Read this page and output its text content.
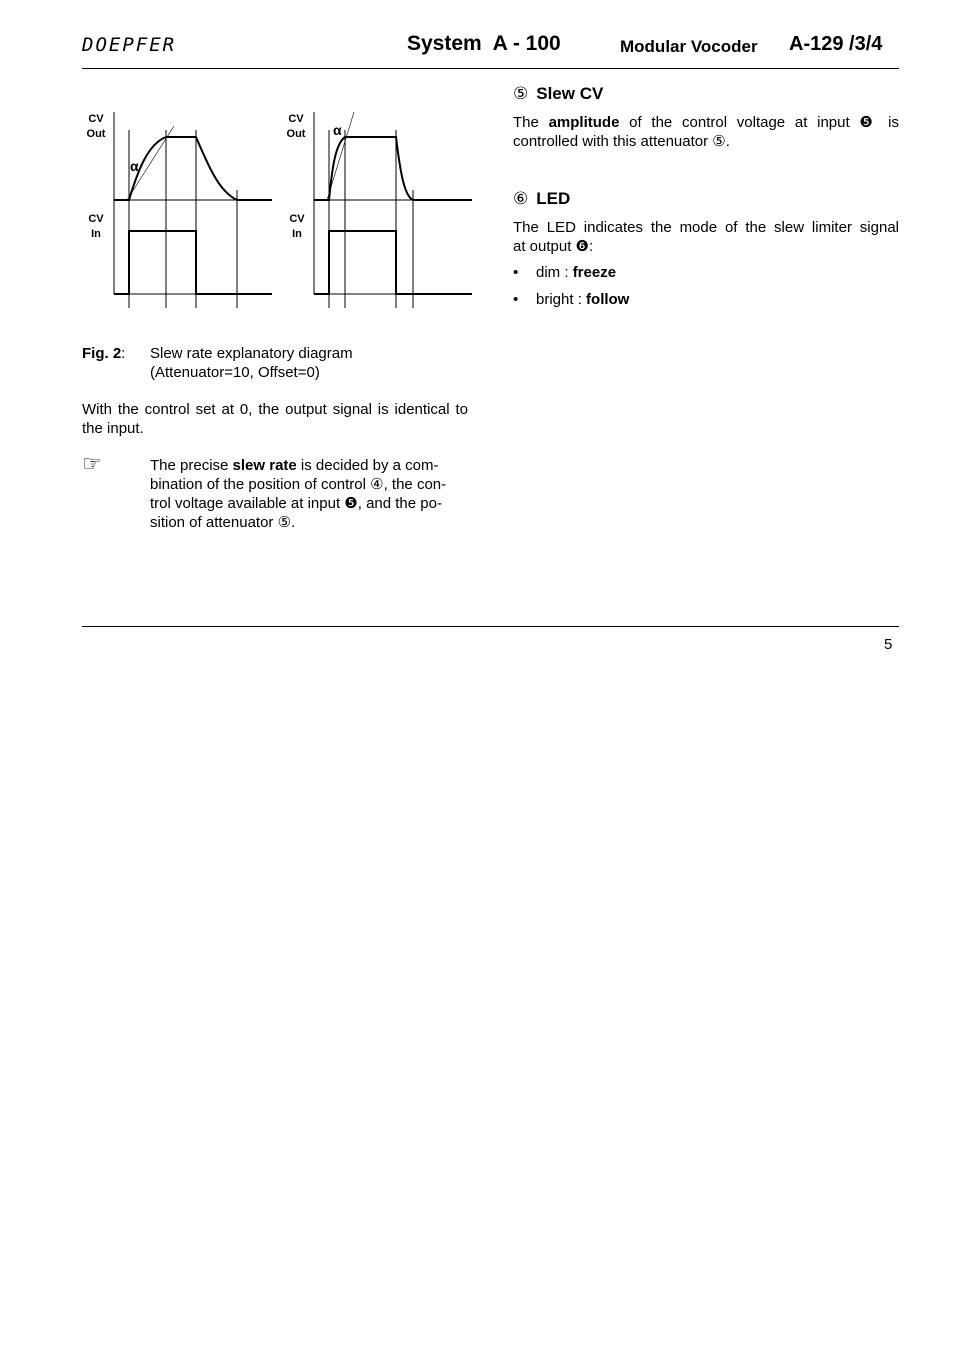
DOEPFER	System  A - 100	Modular Vocoder A-129 /3/4
CV
Out
CV
In
α
CV
Out
CV
In
α
Fig. 2: Slew rate explanatory diagram
(Attenuator=10, Offset=0)
With the control set at 0, the output signal is identical to the input.
☞	The precise slew rate is decided by a com-
bination of the position of control ④, the con-
trol voltage available at input ❺, and the po-
sition of attenuator ⑤.
⑤ Slew CV
The amplitude of the control voltage at input ❺ is
controlled with this attenuator ⑤.
⑥ LED
The LED indicates the mode of the slew limiter signal
at output ❻:
• dim : freeze
• bright : follow
5
